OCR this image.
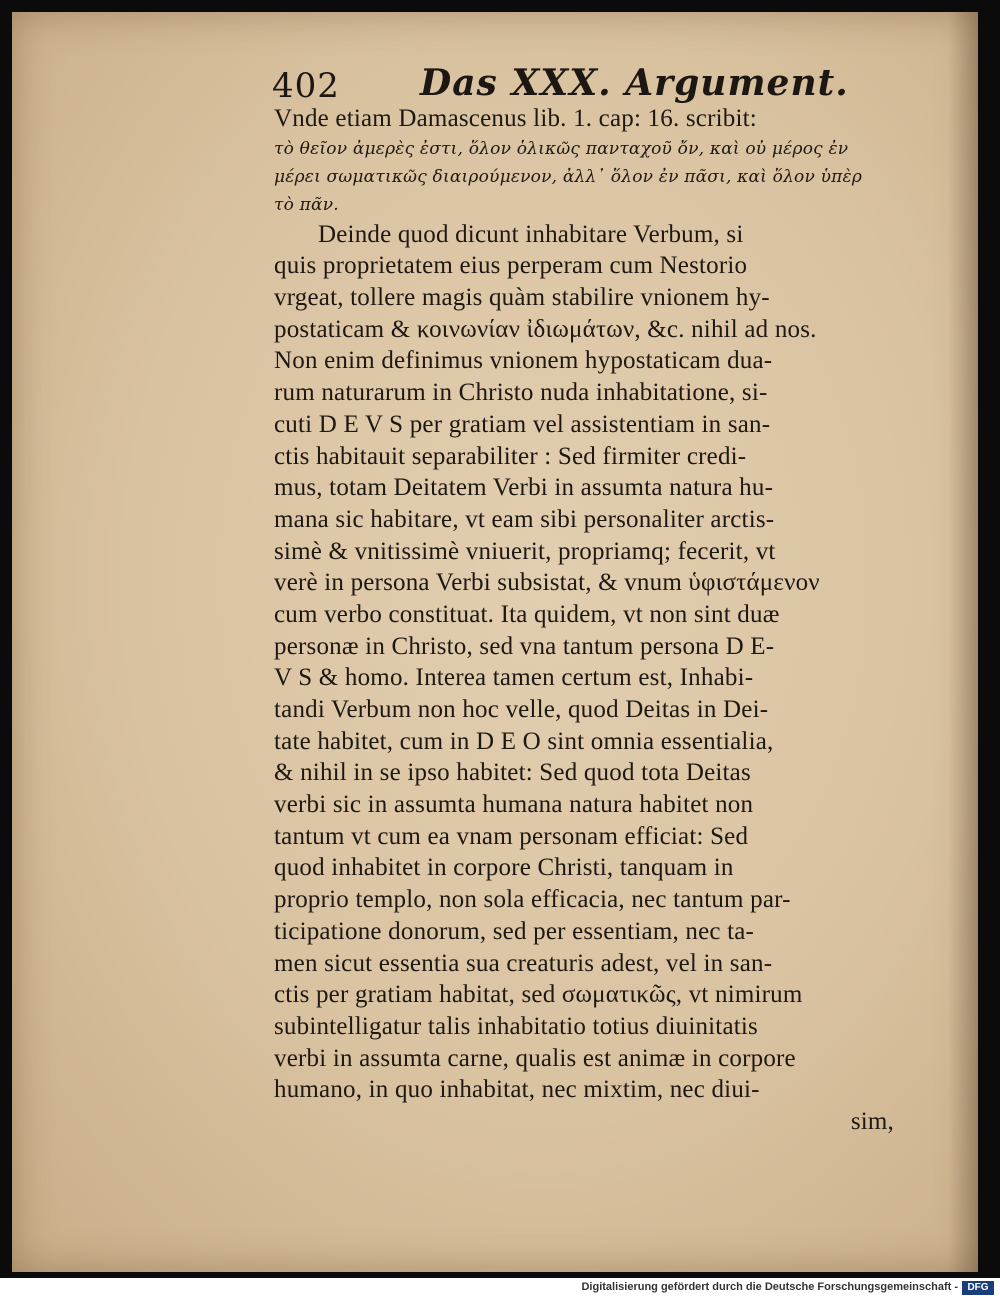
402 Das XXX. Argument.
Vnde etiam Damascenus lib. 1. cap: 16. scribit:
τὸ θεῖον ἀμερὲς ἐστι, ὅλον ὁλικῶς πανταχοῦ ὄν, καὶ οὐ μέρος ἐν
μέρει σωματικῶς διαιρούμενον, ἀλλ᾽ ὅλον ἐν πᾶσι, καὶ ὅλον ὑπὲρ
τὸ πᾶν.
Deinde quod dicunt inhabitare Verbum, si
quis proprietatem eius perperam cum Nestorio
vrgeat, tollere magis quàm stabilire vnionem hy-
postaticam & κοινωνίαν ἰδιωμάτων, &c. nihil ad nos.
Non enim definimus vnionem hypostaticam dua-
rum naturarum in Christo nuda inhabitatione, si-
cuti D E V S per gratiam vel assistentiam in san-
ctis habitauit separabiliter : Sed firmiter credi-
mus, totam Deitatem Verbi in assumta natura hu-
mana sic habitare, vt eam sibi personaliter arctis-
simè & vnitissimè vniuerit, propriamq; fecerit, vt
verè in persona Verbi subsistat, & vnum ὑφιστάμενον
cum verbo constituat. Ita quidem, vt non sint duæ
personæ in Christo, sed vna tantum persona D E-
V S & homo. Interea tamen certum est, Inhabi-
tandi Verbum non hoc velle, quod Deitas in Dei-
tate habitet, cum in D E O sint omnia essentialia,
& nihil in se ipso habitet: Sed quod tota Deitas
verbi sic in assumta humana natura habitet non
tantum vt cum ea vnam personam efficiat: Sed
quod inhabitet in corpore Christi, tanquam in
proprio templo, non sola efficacia, nec tantum par-
ticipatione donorum, sed per essentiam, nec ta-
men sicut essentia sua creaturis adest, vel in san-
ctis per gratiam habitat, sed σωματικῶς, vt nimirum
subintelligatur talis inhabitatio totius diuinitatis
verbi in assumta carne, qualis est animæ in corpore
humano, in quo inhabitat, nec mixtim, nec diui-
sim,
Digitalisierung gefördert durch die Deutsche Forschungsgemeinschaft - DFG
